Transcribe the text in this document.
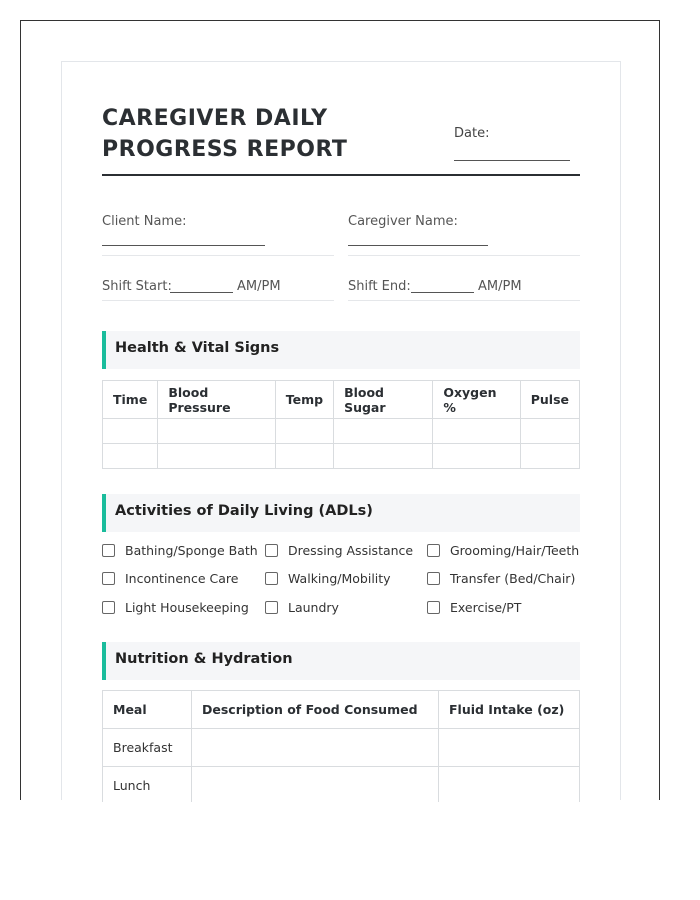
CAREGIVER DAILY PROGRESS REPORT
Date:
Client Name:	Caregiver Name:
Shift Start:	AM/PM	Shift End:	AM/PM
Health & Vital Signs
Time	Blood Pressure	Temp	Blood Sugar	Oxygen %	Pulse

Activities of Daily Living (ADLs)
Bathing/Sponge Bath Dressing Assistance	Grooming/Hair/Teeth
Incontinence Care	Walking/Mobility	Transfer (Bed/Chair)
Light Housekeeping	Laundry	Exercise/PT
Nutrition & Hydration
Meal	Description of Food Consumed	Fluid Intake (oz)
Breakfast		
Lunch		
